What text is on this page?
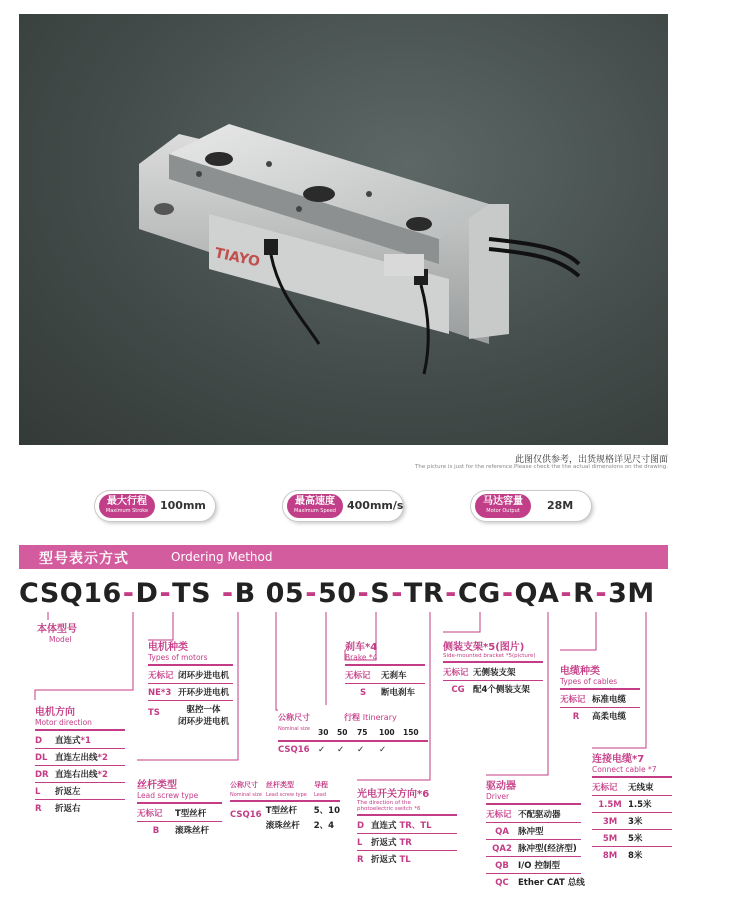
TIAYO
此图仅供参考，出货规格详见尺寸图面
The picture is just for the reference.Please check the the actual dimensions on the drawing.
最大行程
Maximum Stroke	100mm	最高速度
Maximum Speed	400mm/s	马达容量
Motor Output	28M
型号表示方式	Ordering Method
CSQ16-D-TS -B 05-50-S-TR-CG-QA-R-3M
本体型号
Model
电机种类
Types of motors
无标记 闭环步进电机
NE*3 开环步进电机
TS	驱控一体
闭环步进电机
电机方向
Motor direction
D 直连式*1
DL 直连左出线*2
DR 直连右出线*2
L 折返左
R 折返右
丝杆类型
Lead screw type
无标记 T型丝杆
B 滚珠丝杆
公称尺寸
Nominal size
丝杆类型
Lead screw type
导程
Lead
CSQ16 T型丝杆 5、10
滚珠丝杆 2、4
公称尺寸
Nominal size
行程 Itinerary
30	50	75	100	150
CSQ16 ✓	✓	✓	✓
刹车*4
Brake *4
无标记 无刹车
S 断电刹车
光电开关方向*6
The direction of the photoelectric switch *6
D 直连式 TR、TL
L 折返式 TR
R 折返式 TL
侧装支架*5(图片)
Side-mounted bracket *5(picture)
无标记 无侧装支架
CG 配4个侧装支架
驱动器
Driver
无标记 不配驱动器
QA 脉冲型
QA2 脉冲型(经济型)
QB I/O 控制型
QC Ether CAT 总线
电缆种类
Types of cables
无标记 标准电缆
R 高柔电缆
连接电缆*7
Connect cable *7
无标记 无线束
1.5M 1.5米
3M 3米
5M 5米
8M 8米
